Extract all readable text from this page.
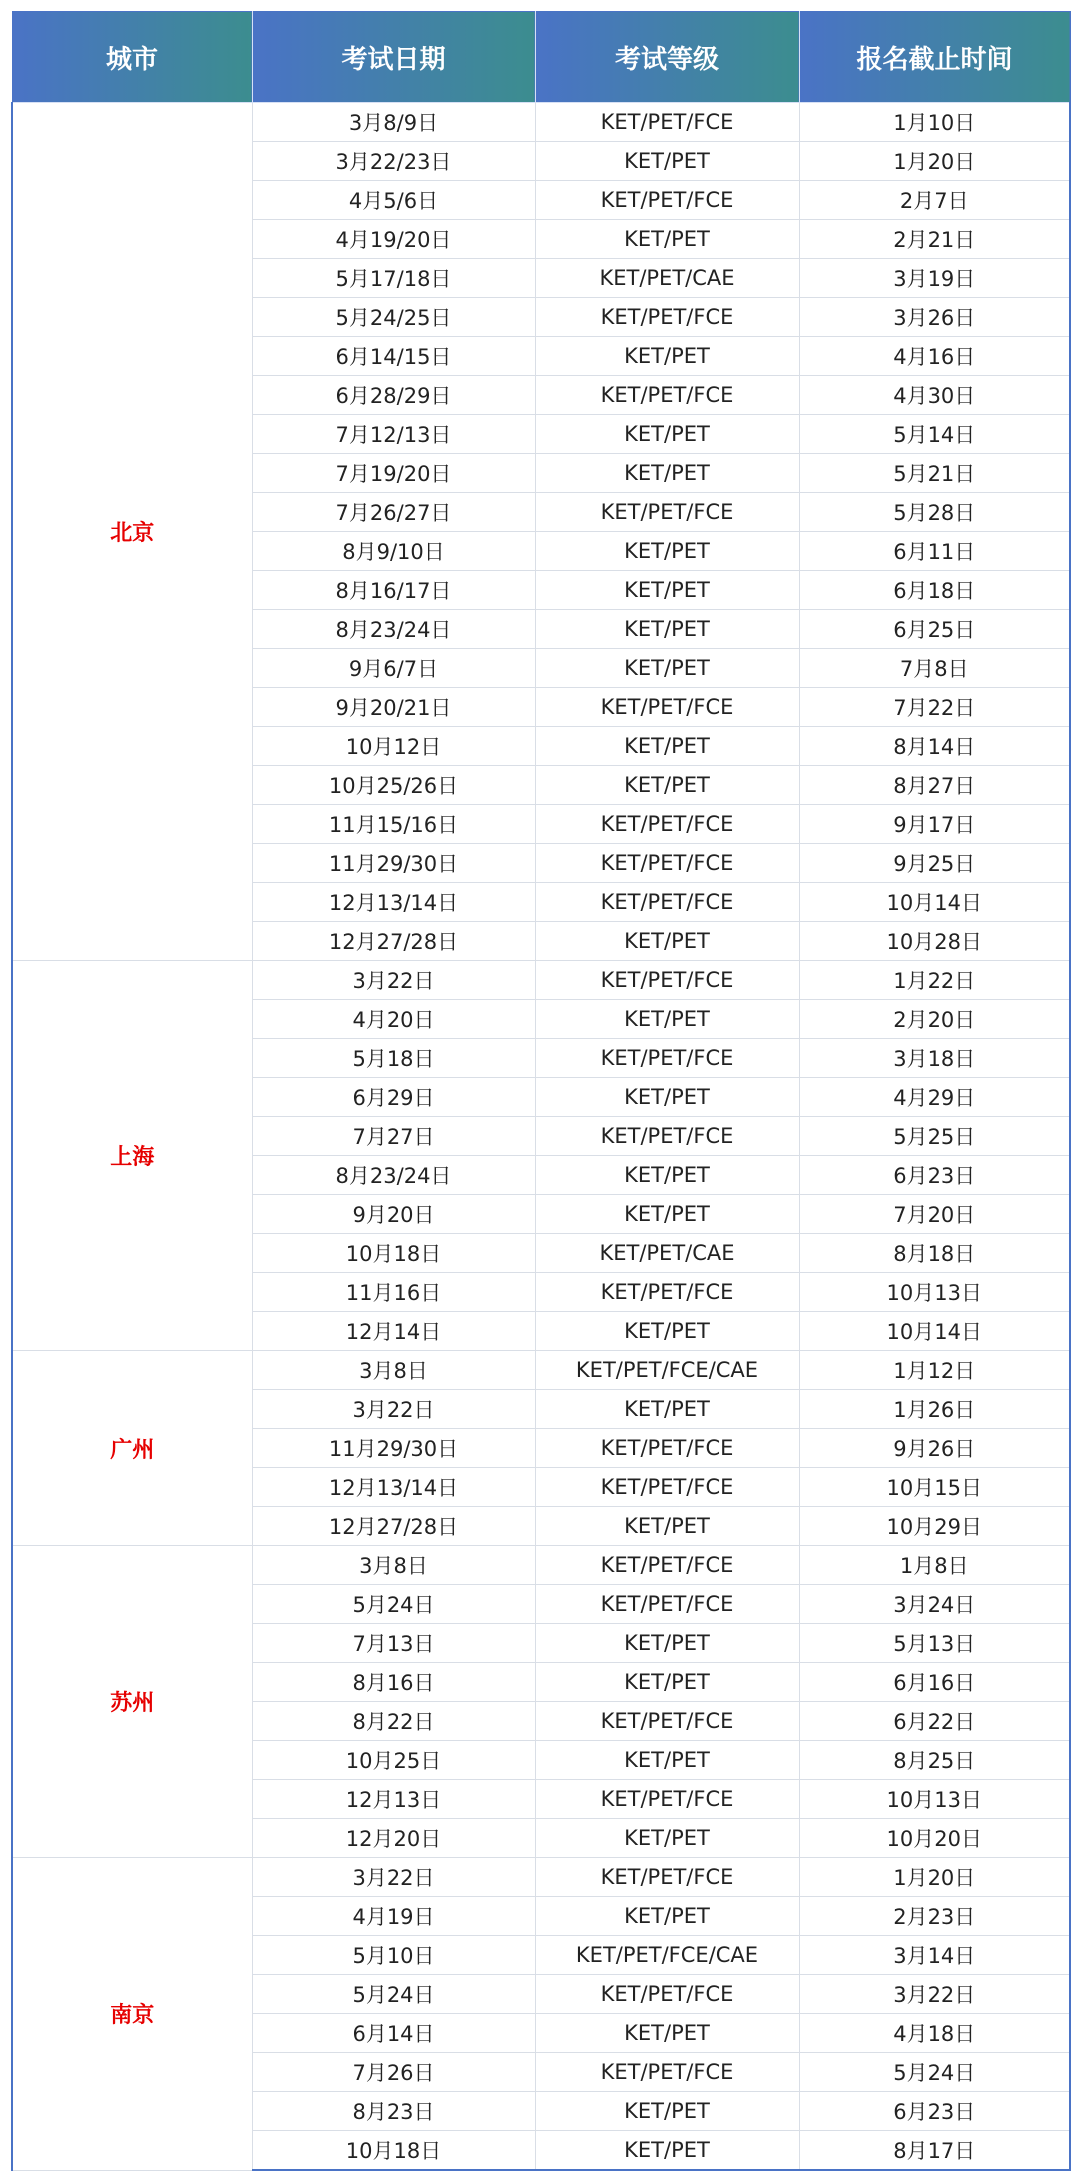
城市	考试日期	考试等级	报名截止时间
北京	3月8/9日	KET/PET/FCE	1月10日
	3月22/23日	KET/PET	1月20日
	4月5/6日	KET/PET/FCE	2月7日
	4月19/20日	KET/PET	2月21日
	5月17/18日	KET/PET/CAE	3月19日
	5月24/25日	KET/PET/FCE	3月26日
	6月14/15日	KET/PET	4月16日
	6月28/29日	KET/PET/FCE	4月30日
	7月12/13日	KET/PET	5月14日
	7月19/20日	KET/PET	5月21日
	7月26/27日	KET/PET/FCE	5月28日
	8月9/10日	KET/PET	6月11日
	8月16/17日	KET/PET	6月18日
	8月23/24日	KET/PET	6月25日
	9月6/7日	KET/PET	7月8日
	9月20/21日	KET/PET/FCE	7月22日
	10月12日	KET/PET	8月14日
	10月25/26日	KET/PET	8月27日
	11月15/16日	KET/PET/FCE	9月17日
	11月29/30日	KET/PET/FCE	9月25日
	12月13/14日	KET/PET/FCE	10月14日
	12月27/28日	KET/PET	10月28日
上海	3月22日	KET/PET/FCE	1月22日
	4月20日	KET/PET	2月20日
	5月18日	KET/PET/FCE	3月18日
	6月29日	KET/PET	4月29日
	7月27日	KET/PET/FCE	5月25日
	8月23/24日	KET/PET	6月23日
	9月20日	KET/PET	7月20日
	10月18日	KET/PET/CAE	8月18日
	11月16日	KET/PET/FCE	10月13日
	12月14日	KET/PET	10月14日
广州	3月8日	KET/PET/FCE/CAE	1月12日
	3月22日	KET/PET	1月26日
	11月29/30日	KET/PET/FCE	9月26日
	12月13/14日	KET/PET/FCE	10月15日
	12月27/28日	KET/PET	10月29日
苏州	3月8日	KET/PET/FCE	1月8日
	5月24日	KET/PET/FCE	3月24日
	7月13日	KET/PET	5月13日
	8月16日	KET/PET	6月16日
	8月22日	KET/PET/FCE	6月22日
	10月25日	KET/PET	8月25日
	12月13日	KET/PET/FCE	10月13日
	12月20日	KET/PET	10月20日
南京	3月22日	KET/PET/FCE	1月20日
	4月19日	KET/PET	2月23日
	5月10日	KET/PET/FCE/CAE	3月14日
	5月24日	KET/PET/FCE	3月22日
	6月14日	KET/PET	4月18日
	7月26日	KET/PET/FCE	5月24日
	8月23日	KET/PET	6月23日
	10月18日	KET/PET	8月17日
